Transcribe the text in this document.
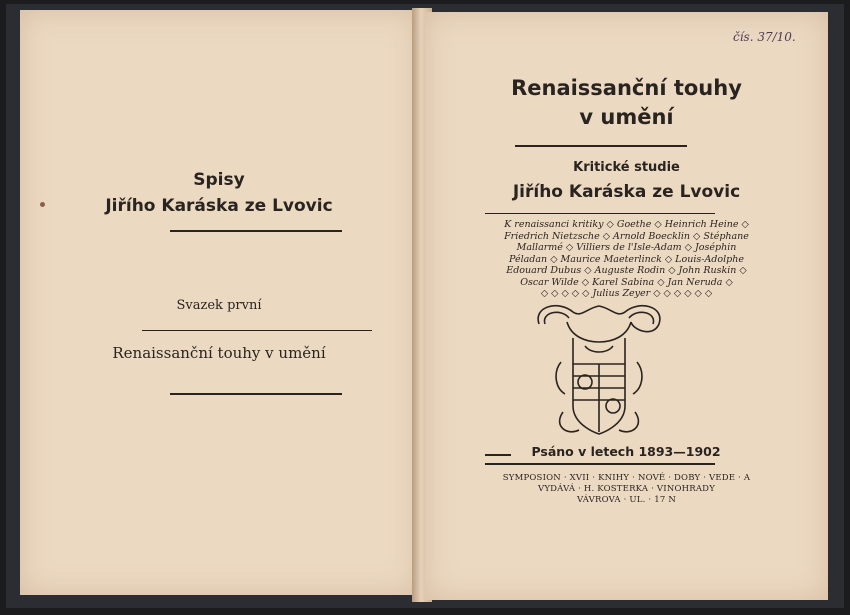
Spisy
Jiřího Karáska ze Lvovic
Svazek první
Renaissanční touhy v umění
čís. 37/10.
Renaissanční touhy
v umění
Kritické studie
Jiřího Karáska ze Lvovic
K renaissanci kritiky ◇ Goethe ◇ Heinrich Heine ◇
Friedrich Nietzsche ◇ Arnold Boecklin ◇ Stéphane
Mallarmé ◇ Villiers de l'Isle-Adam ◇ Joséphin
Péladan ◇ Maurice Maeterlinck ◇ Louis-Adolphe
Edouard Dubus ◇ Auguste Rodin ◇ John Ruskin ◇
Oscar Wilde ◇ Karel Sabina ◇ Jan Neruda ◇
◇ ◇ ◇ ◇ ◇ Julius Zeyer ◇ ◇ ◇ ◇ ◇ ◇
Psáno v letech 1893—1902
SYMPOSION · XVII · KNIHY · NOVÉ · DOBY · VEDE · A
VYDÁVÁ · H. KOSTERKA · VINOHRADY
VÁVROVA · UL. · 17 N
